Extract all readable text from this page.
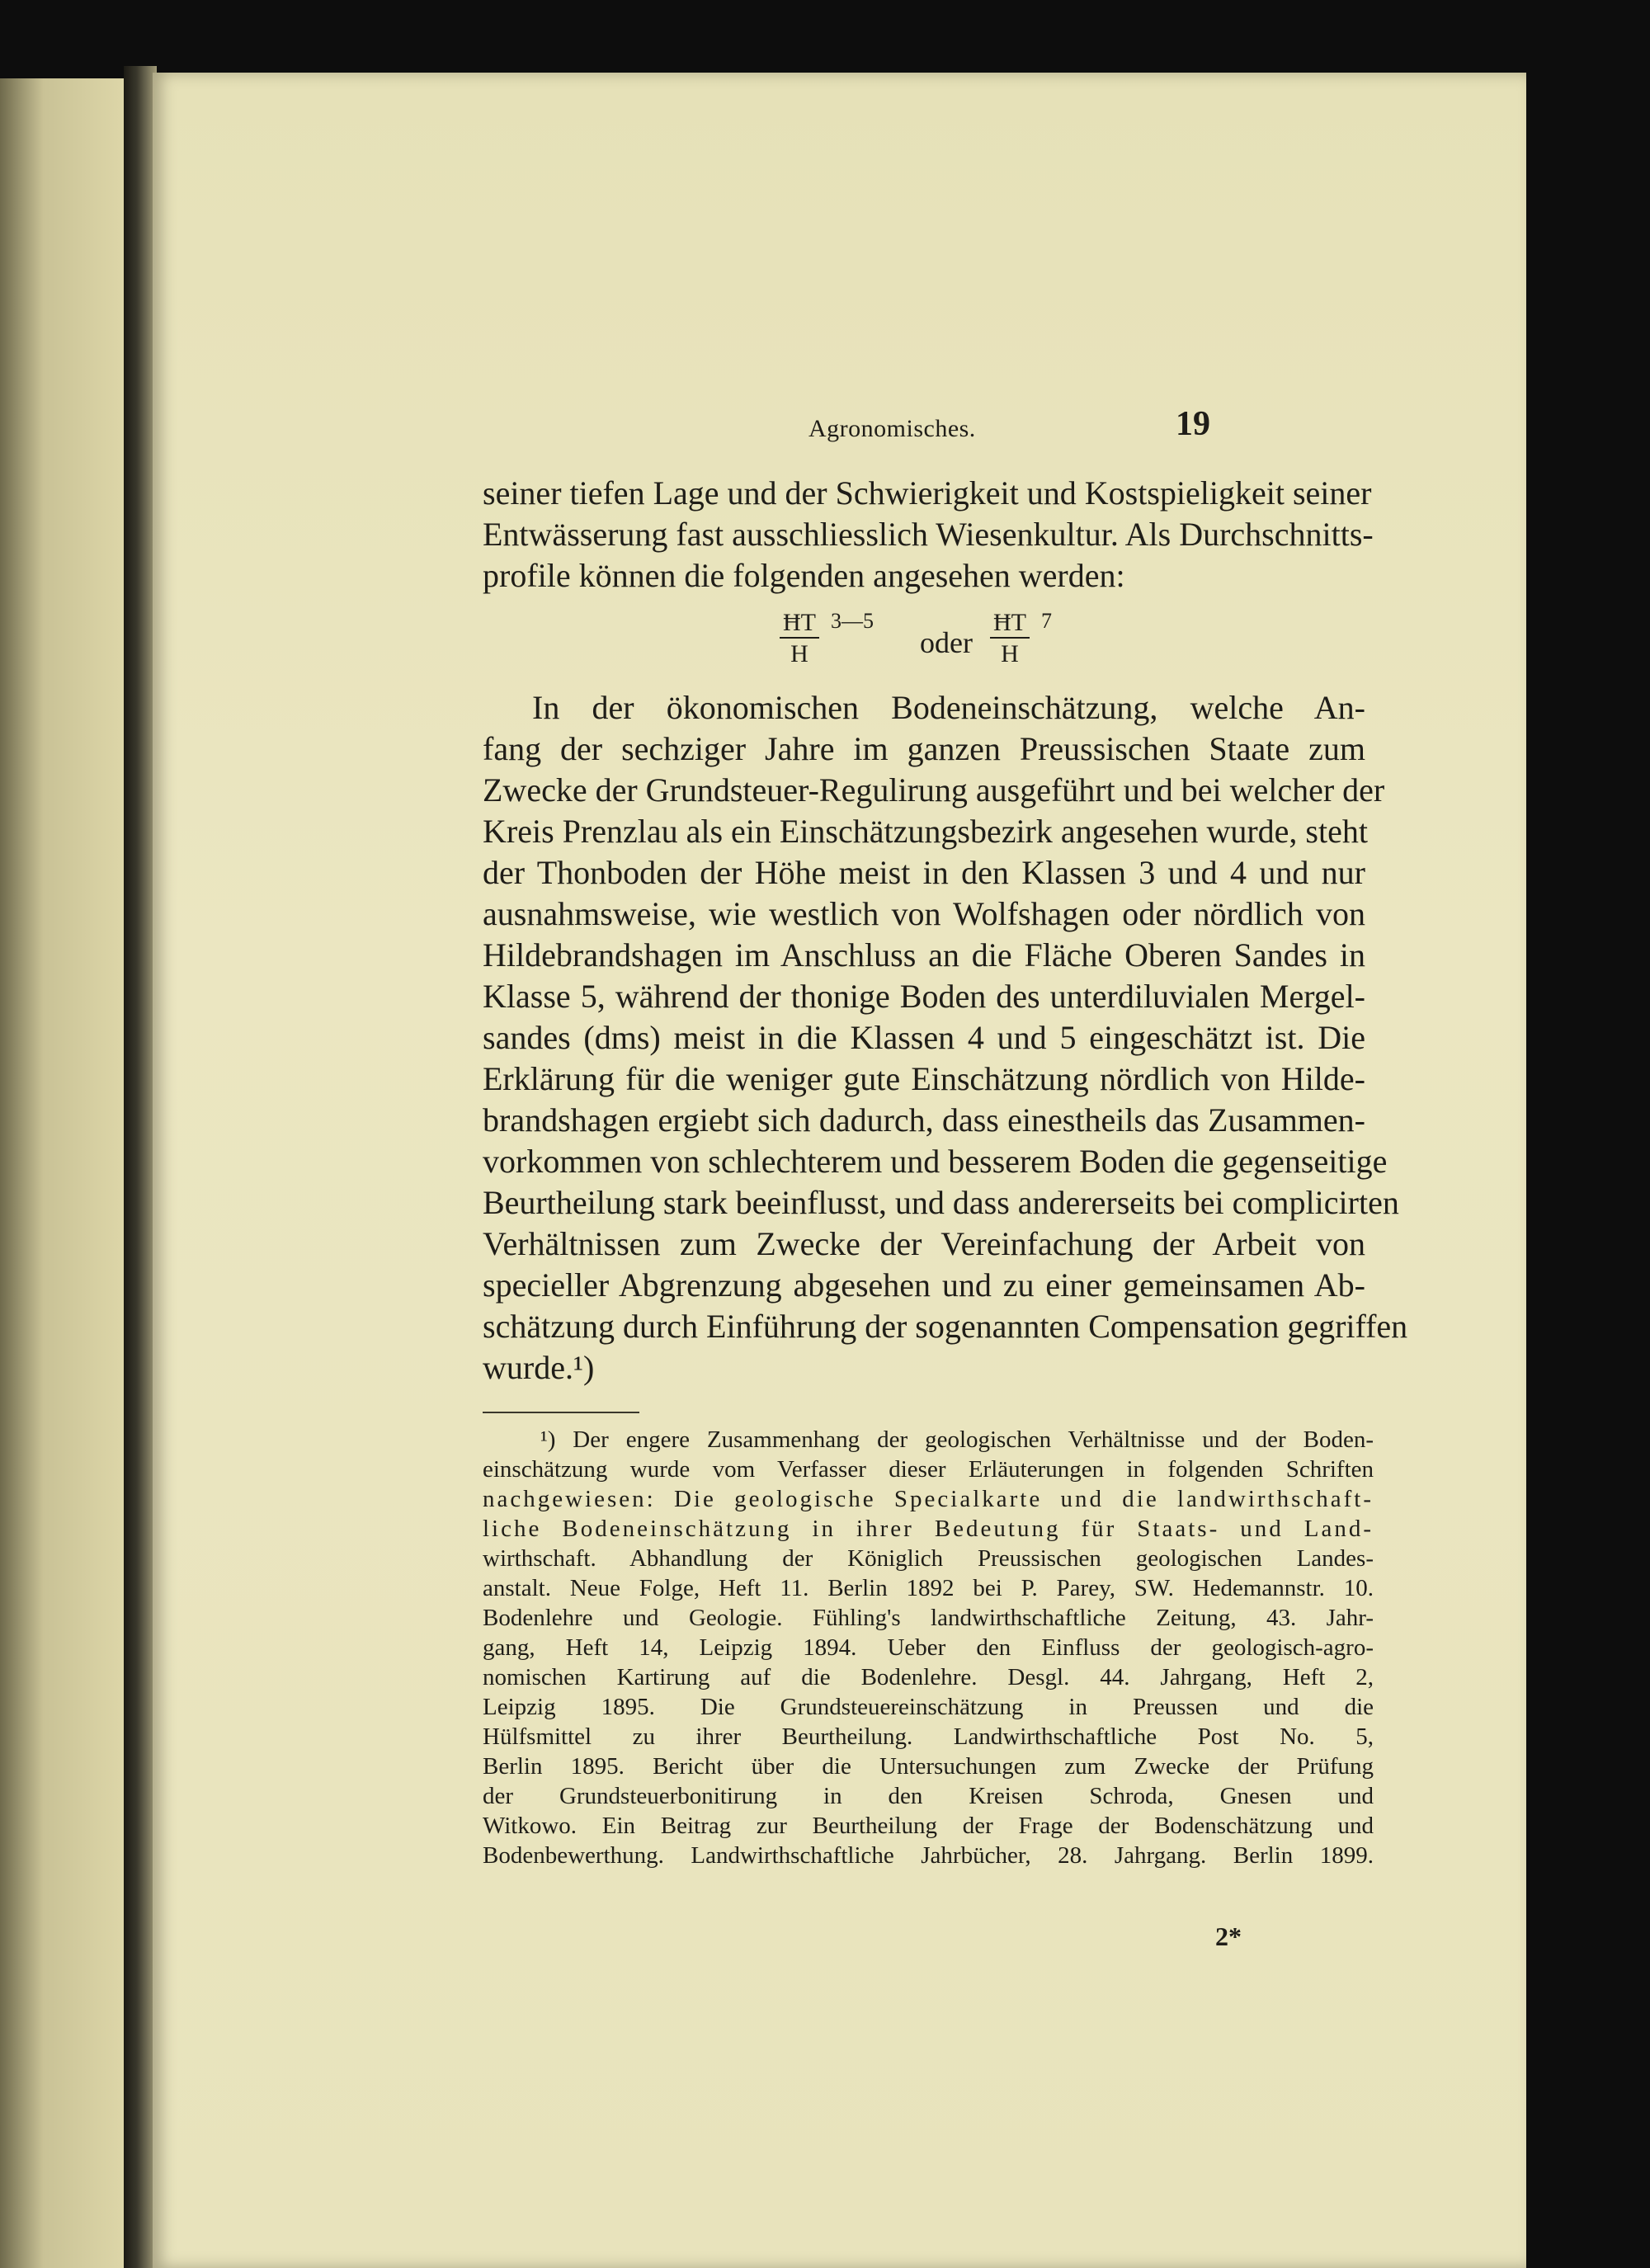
Agronomisches.	19
seiner tiefen Lage und der Schwierigkeit und Kostspieligkeit seiner
Entwässerung fast ausschliesslich Wiesenkultur. Als Durchschnitts-
profile können die folgenden angesehen werden:
$\frac{ĦT}{H}$ 3—5
oder $\frac{ĦT}{H} 7$
In der ökonomischen Bodeneinschätzung, welche An-
fang der sechziger Jahre im ganzen Preussischen Staate zum
Zwecke der Grundsteuer-Regulirung ausgeführt und bei welcher der
Kreis Prenzlau als ein Einschätzungsbezirk angesehen wurde, steht
der Thonboden der Höhe meist in den Klassen 3 und 4 und nur
ausnahmsweise, wie westlich von Wolfshagen oder nördlich von
Hildebrandshagen im Anschluss an die Fläche Oberen Sandes in
Klasse 5, während der thonige Boden des unterdiluvialen Mergel-
sandes (dms) meist in die Klassen 4 und 5 eingeschätzt ist. Die
Erklärung für die weniger gute Einschätzung nördlich von Hilde-
brandshagen ergiebt sich dadurch, dass einestheils das Zusammen-
vorkommen von schlechterem und besserem Boden die gegenseitige
Beurtheilung stark beeinflusst, und dass andererseits bei complicirten
Verhältnissen zum Zwecke der Vereinfachung der Arbeit von
specieller Abgrenzung abgesehen und zu einer gemeinsamen Ab-
schätzung durch Einführung der sogenannten Compensation gegriffen
wurde.¹)
¹) Der engere Zusammenhang der geologischen Verhältnisse und der Boden-
einschätzung wurde vom Verfasser dieser Erläuterungen in folgenden Schriften
nachgewiesen: Die geologische Specialkarte und die landwirthschaft-
liche Bodeneinschätzung in ihrer Bedeutung für Staats- und Land-
wirthschaft. Abhandlung der Königlich Preussischen geologischen Landes-
anstalt. Neue Folge, Heft 11. Berlin 1892 bei P. Parey, SW. Hedemannstr. 10.
Bodenlehre und Geologie. Fühling's landwirthschaftliche Zeitung, 43. Jahr-
gang, Heft 14, Leipzig 1894. Ueber den Einfluss der geologisch-agro-
nomischen Kartirung auf die Bodenlehre. Desgl. 44. Jahrgang, Heft 2,
Leipzig 1895. Die Grundsteuereinschätzung in Preussen und die
Hülfsmittel zu ihrer Beurtheilung. Landwirthschaftliche Post No. 5,
Berlin 1895. Bericht über die Untersuchungen zum Zwecke der Prüfung
der Grundsteuerbonitirung in den Kreisen Schroda, Gnesen und
Witkowo. Ein Beitrag zur Beurtheilung der Frage der Bodenschätzung und
Bodenbewerthung. Landwirthschaftliche Jahrbücher, 28. Jahrgang. Berlin 1899.
2*
